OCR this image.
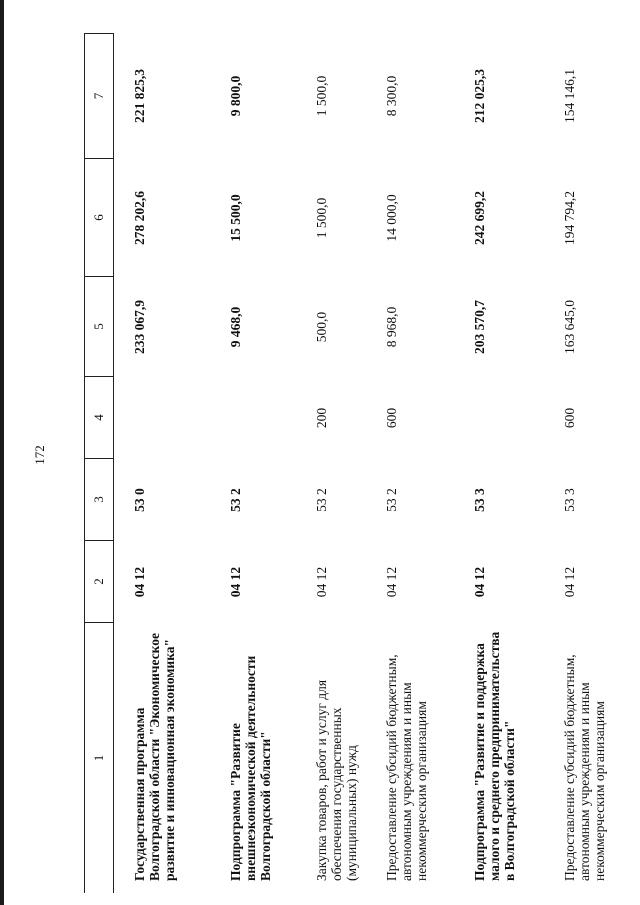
172
1
2
3
4
5
6
7
Государственная программа Волгоградской области "Экономическое развитие и инновационная экономика"
04 12
53 0
233 067,9
278 202,6
221 825,3
Подпрограмма "Развитие внешнеэкономической деятельности Волгоградской области"
04 12
53 2
9 468,0
15 500,0
9 800,0
Закупка товаров, работ и услуг для обеспечения государственных (муниципальных) нужд
04 12
53 2
200
500,0
1 500,0
1 500,0
Предоставление субсидий бюджетным, автономным учреждениям и иным некоммерческим организациям
04 12
53 2
600
8 968,0
14 000,0
8 300,0
Подпрограмма "Развитие и поддержка малого и среднего предпринимательства в Волгоградской области"
04 12
53 3
203 570,7
242 699,2
212 025,3
Предоставление субсидий бюджетным, автономным учреждениям и иным некоммерческим организациям
04 12
53 3
600
163 645,0
194 794,2
154 146,1
